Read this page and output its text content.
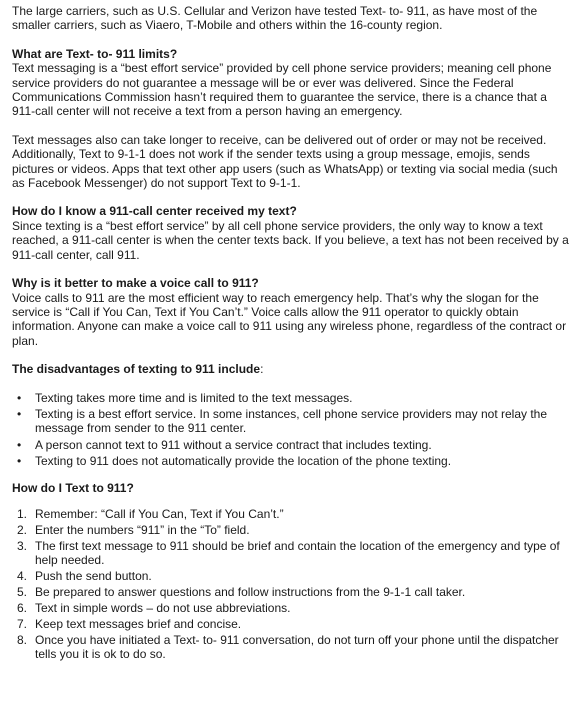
The large carriers, such as U.S. Cellular and Verizon have tested Text- to- 911, as have most of the smaller carriers, such as Viaero, T-Mobile and others within the 16-county region.

What are Text- to- 911 limits?

Text messaging is a “best effort service” provided by cell phone service providers; meaning cell phone service providers do not guarantee a message will be or ever was delivered. Since the Federal Communications Commission hasn’t required them to guarantee the service, there is a chance that a 911-call center will not receive a text from a person having an emergency.

Text messages also can take longer to receive, can be delivered out of order or may not be received. Additionally, Text to 9-1-1 does not work if the sender texts using a group message, emojis, sends pictures or videos. Apps that text other app users (such as WhatsApp) or texting via social media (such as Facebook Messenger) do not support Text to 9-1-1.

How do I know a 911-call center received my text?

Since texting is a “best effort service” by all cell phone service providers, the only way to know a text reached, a 911-call center is when the center texts back. If you believe, a text has not been received by a 911-call center, call 911.

Why is it better to make a voice call to 911?

Voice calls to 911 are the most efficient way to reach emergency help. That’s why the slogan for the service is “Call if You Can, Text if You Can’t.” Voice calls allow the 911 operator to quickly obtain information. Anyone can make a voice call to 911 using any wireless phone, regardless of the contract or plan.

The disadvantages of texting to 911 include:

• Texting takes more time and is limited to the text messages.
• Texting is a best effort service. In some instances, cell phone service providers may not relay the message from sender to the 911 center.
• A person cannot text to 911 without a service contract that includes texting.
• Texting to 911 does not automatically provide the location of the phone texting.

How do I Text to 911?

1. Remember: “Call if You Can, Text if You Can’t.”
2. Enter the numbers “911” in the “To” field.
3. The first text message to 911 should be brief and contain the location of the emergency and type of help needed.
4. Push the send button.
5. Be prepared to answer questions and follow instructions from the 9-1-1 call taker.
6. Text in simple words – do not use abbreviations.
7. Keep text messages brief and concise.
8. Once you have initiated a Text- to- 911 conversation, do not turn off your phone until the dispatcher tells you it is ok to do so.
